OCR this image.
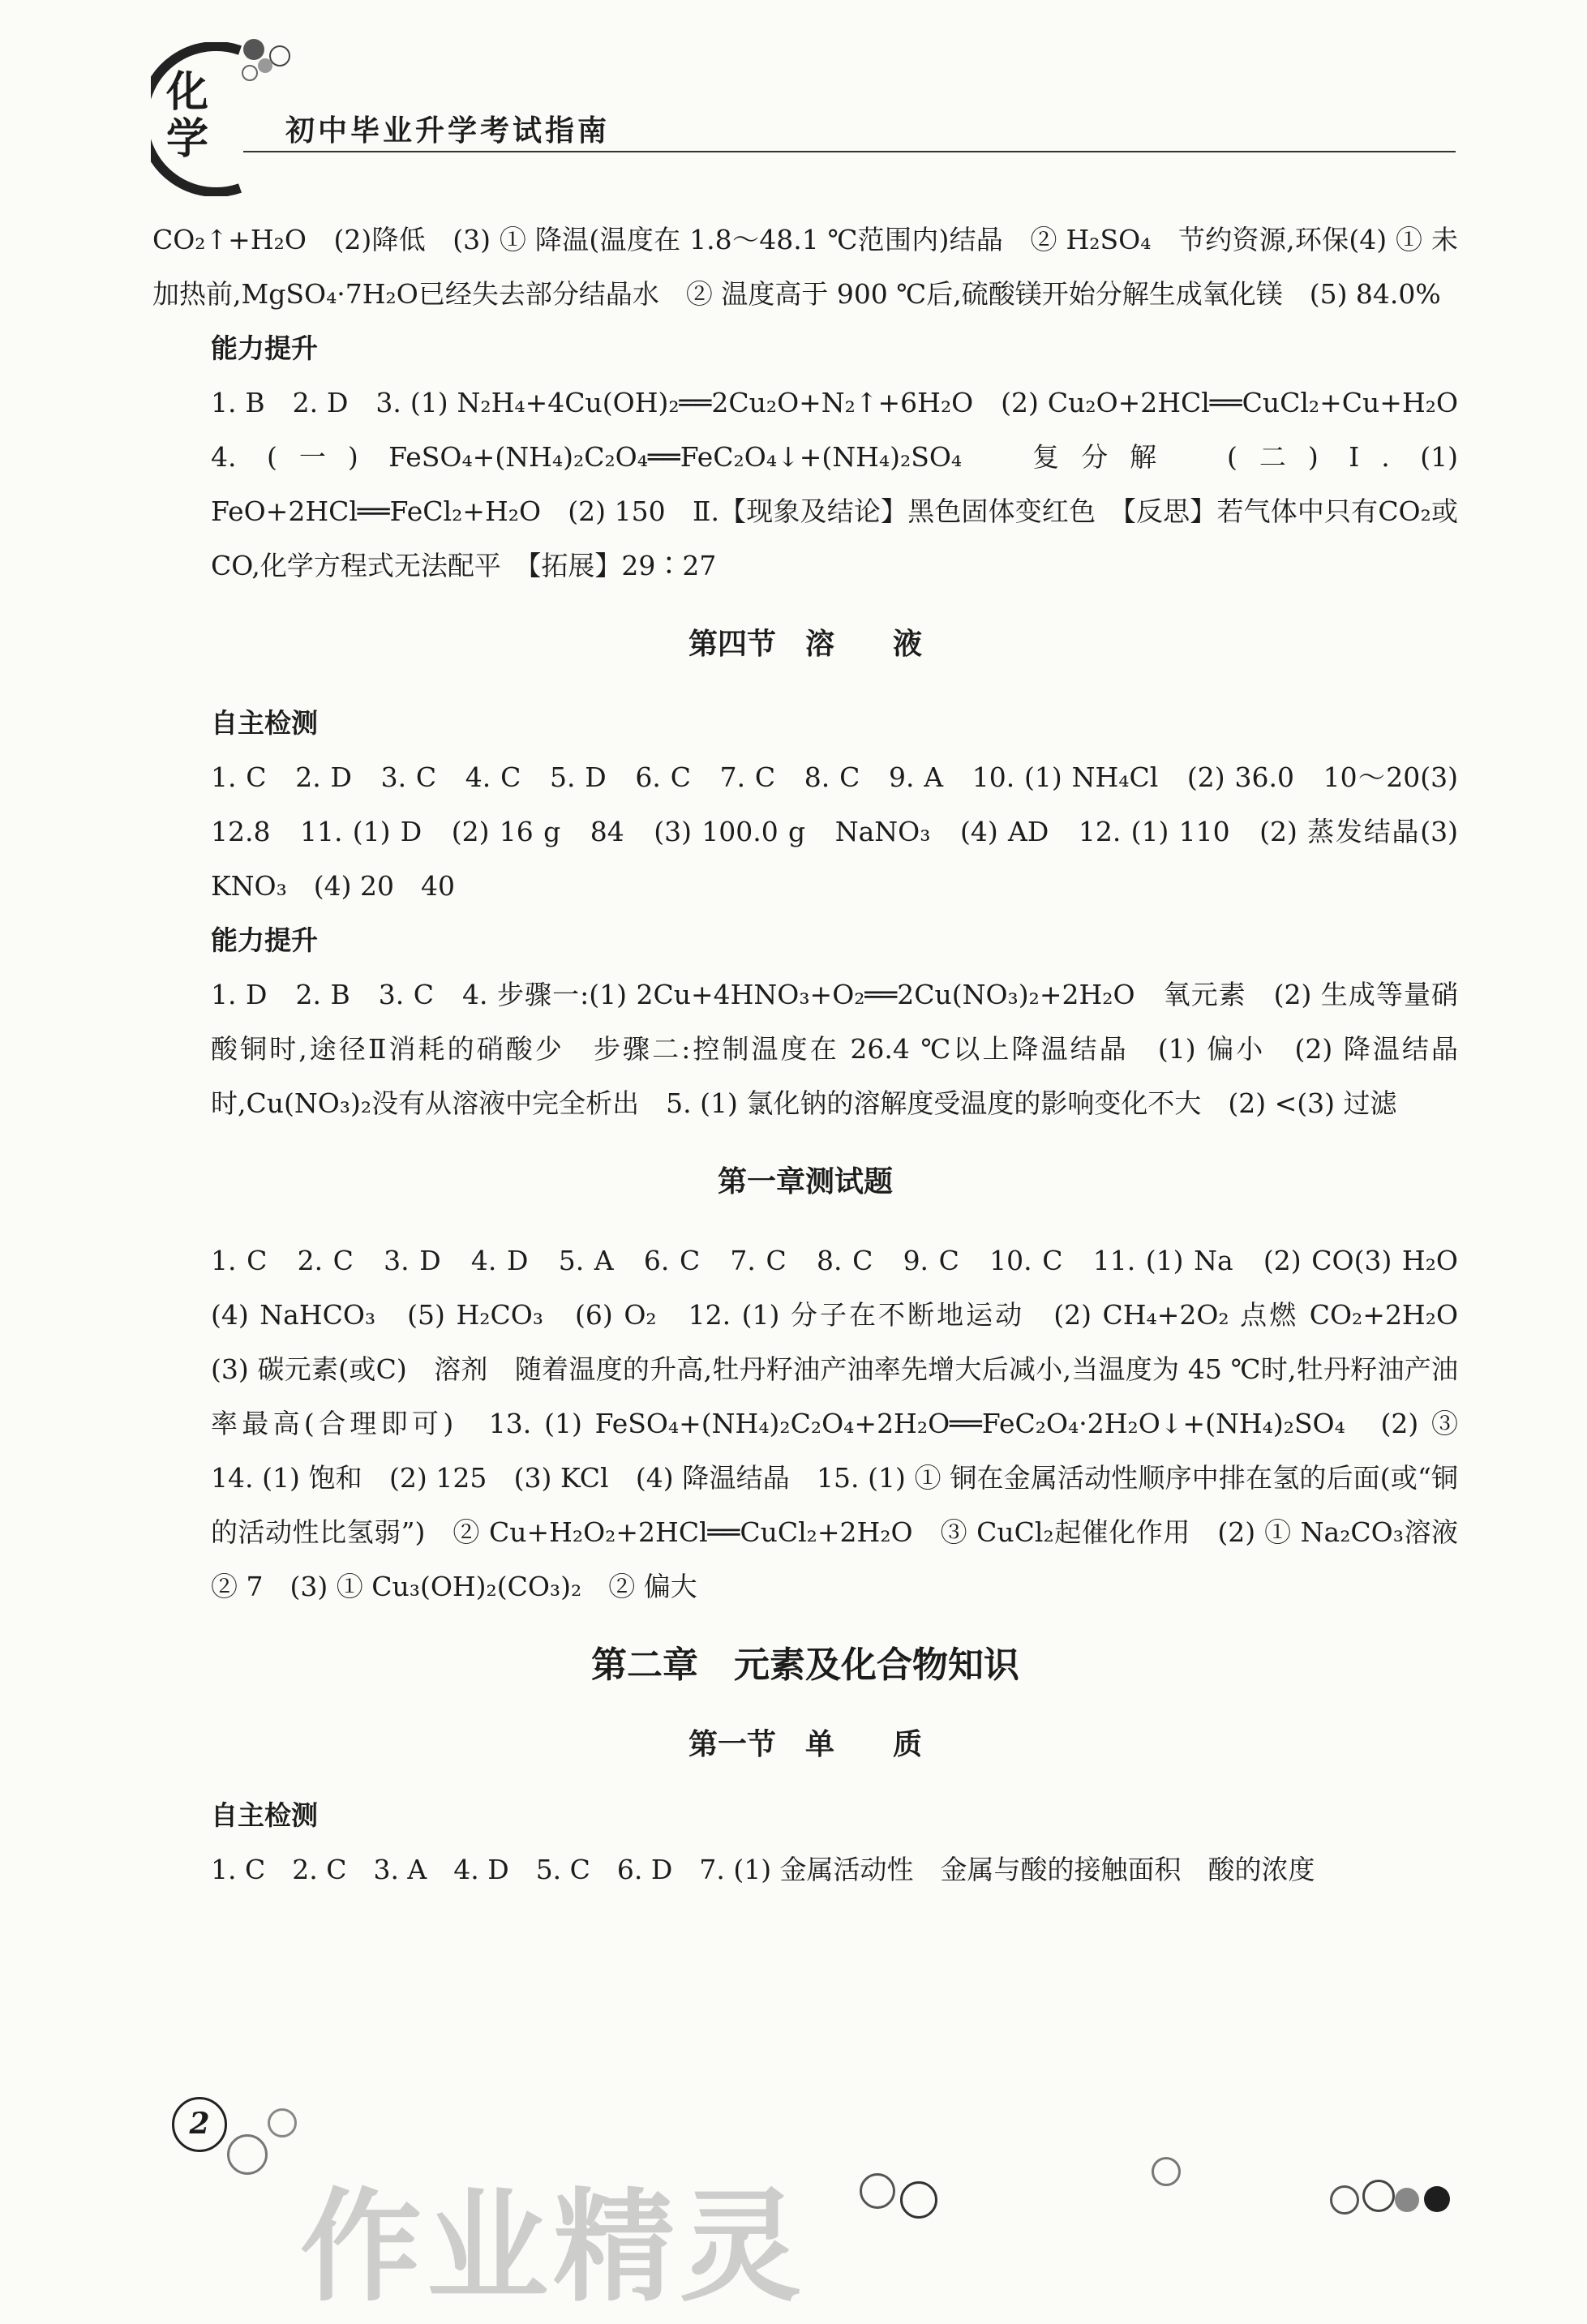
化
学	初中毕业升学考试指南

CO₂↑+H₂O　(2)降低　(3) ① 降温(温度在 1.8～48.1 ℃范围内)结晶　② H₂SO₄　节约资源,环保(4) ① 未加热前,MgSO₄·7H₂O已经失去部分结晶水　② 温度高于 900 ℃后,硫酸镁开始分解生成氧化镁　(5) 84.0%

能力提升

1. B　2. D　3. (1) N₂H₄+4Cu(OH)₂══2Cu₂O+N₂↑+6H₂O　(2) Cu₂O+2HCl══CuCl₂+Cu+H₂O　4. (一) FeSO₄+(NH₄)₂C₂O₄══FeC₂O₄↓+(NH₄)₂SO₄　复分解　(二) Ⅰ. (1) FeO+2HCl══FeCl₂+H₂O　(2) 150　Ⅱ.【现象及结论】黑色固体变红色　【反思】若气体中只有CO₂或CO,化学方程式无法配平　【拓展】29∶27

第四节　溶　　液

自主检测

1. C　2. D　3. C　4. C　5. D　6. C　7. C　8. C　9. A　10. (1) NH₄Cl　(2) 36.0　10～20(3) 12.8　11. (1) D　(2) 16 g　84　(3) 100.0 g　NaNO₃　(4) AD　12. (1) 110　(2) 蒸发结晶(3) KNO₃　(4) 20　40

能力提升

1. D　2. B　3. C　4. 步骤一:(1) 2Cu+4HNO₃+O₂══2Cu(NO₃)₂+2H₂O　氧元素　(2) 生成等量硝酸铜时,途径Ⅱ消耗的硝酸少　步骤二:控制温度在 26.4 ℃以上降温结晶　(1) 偏小　(2) 降温结晶时,Cu(NO₃)₂没有从溶液中完全析出　5. (1) 氯化钠的溶解度受温度的影响变化不大　(2) <(3) 过滤

第一章测试题

1. C　2. C　3. D　4. D　5. A　6. C　7. C　8. C　9. C　10. C　11. (1) Na　(2) CO(3) H₂O　(4) NaHCO₃　(5) H₂CO₃　(6) O₂　12. (1) 分子在不断地运动　(2) CH₄+2O₂ 点燃 CO₂+2H₂O　(3) 碳元素(或C)　溶剂　随着温度的升高,牡丹籽油产油率先增大后减小,当温度为 45 ℃时,牡丹籽油产油率最高(合理即可)　13. (1) FeSO₄+(NH₄)₂C₂O₄+2H₂O══FeC₂O₄·2H₂O↓+(NH₄)₂SO₄　(2) ③　14. (1) 饱和　(2) 125　(3) KCl　(4) 降温结晶　15. (1) ① 铜在金属活动性顺序中排在氢的后面(或“铜的活动性比氢弱”)　② Cu+H₂O₂+2HCl══CuCl₂+2H₂O　③ CuCl₂起催化作用　(2) ① Na₂CO₃溶液　② 7　(3) ① Cu₃(OH)₂(CO₃)₂　② 偏大

第二章　元素及化合物知识

第一节　单　　质

自主检测

1. C　2. C　3. A　4. D　5. C　6. D　7. (1) 金属活动性　金属与酸的接触面积　酸的浓度

2
作业精灵
